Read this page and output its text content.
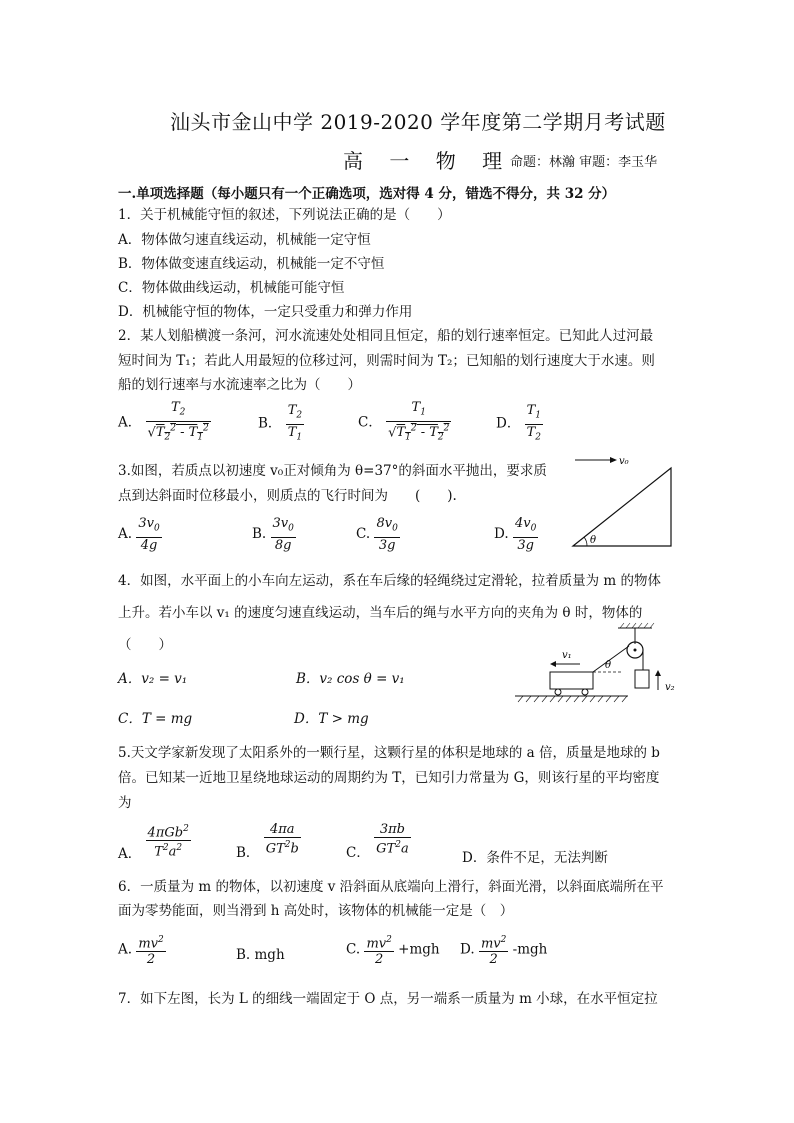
汕头市金山中学 2019-2020 学年度第二学期月考试题
高 一 物 理
命题：林瀚 审题：李玉华
一.单项选择题（每小题只有一个正确选项，选对得 4 分，错选不得分，共 32 分）
1．关于机械能守恒的叙述，下列说法正确的是（　　）
A．物体做匀速直线运动，机械能一定守恒
B．物体做变速直线运动，机械能一定不守恒
C．物体做曲线运动，机械能可能守恒
D．机械能守恒的物体，一定只受重力和弹力作用
2．某人划船横渡一条河，河水流速处处相同且恒定，船的划行速率恒定。已知此人过河最
短时间为 T₁；若此人用最短的位移过河，则需时间为 T₂；已知船的划行速度大于水速。则
船的划行速率与水流速率之比为（　　）
A． $\frac{T_2}{√T_2^2 - T_1^2}$	B． $\frac{T_2}{T_1}$	C． $\frac{T_1}{√T_1^2 - T_2^2}$	D． $\frac{T_1}{T_2}$
3.如图，若质点以初速度 v₀正对倾角为 θ=37°的斜面水平抛出，要求质
点到达斜面时位移最小，则质点的飞行时间为　　(　　).
A. $\frac{3v_0}{4g}$	B. $\frac{3v_0}{8g}$	C. $\frac{8v_0}{3g}$	D. $\frac{4v_0}{3g}$
v₀
θ
4．如图，水平面上的小车向左运动，系在车后缘的轻绳绕过定滑轮，拉着质量为 m 的物体
上升。若小车以 v₁ 的速度匀速直线运动，当车后的绳与水平方向的夹角为 θ 时，物体的
（　　）
A．v₂ = v₁	B．v₂ cos θ = v₁
C．T = mg	D．T > mg
θ
v₂
v₁
5.天文学家新发现了太阳系外的一颗行星，这颗行星的体积是地球的 a 倍，质量是地球的 b
倍。已知某一近地卫星绕地球运动的周期约为 T，已知引力常量为 G，则该行星的平均密度
为
A． $\frac{4\pi Gb^2}{T^2a^2}$	B． $\frac{4\pi a}{GT^2b}$	C． $\frac{3\pi b}{GT^2a}$
D．条件不足，无法判断
6．一质量为 m 的物体，以初速度 v 沿斜面从底端向上滑行，斜面光滑，以斜面底端所在平
面为零势能面，则当滑到 h 高处时，该物体的机械能一定是（　）
A. $\frac{mv^2}{2}$	B. mgh	C. $\frac{mv^2}{2} +mgh$ D. $\frac{mv^2}{2} -mgh$
7．如下左图，长为 L 的细线一端固定于 O 点，另一端系一质量为 m 小球，在水平恒定拉
